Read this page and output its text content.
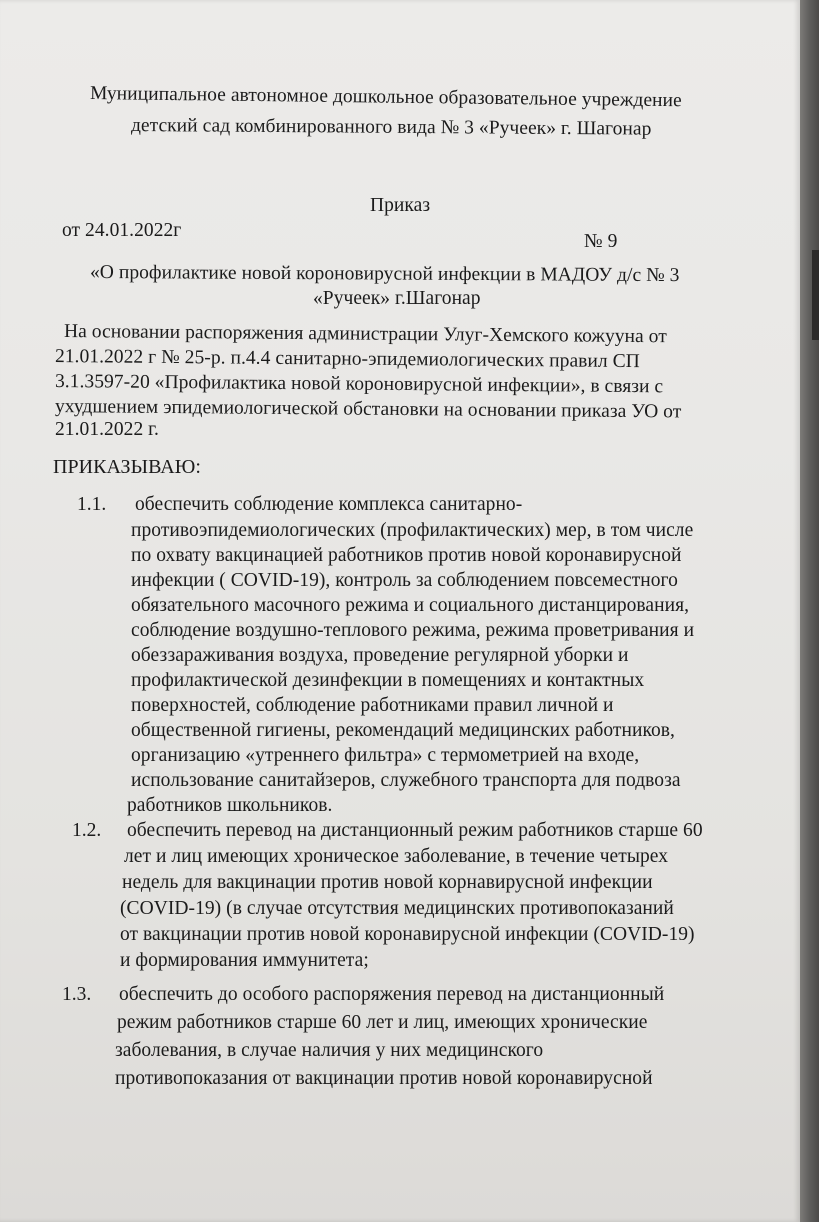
Муниципальное автономное дошкольное образовательное учреждение
детский сад комбинированного вида № 3 «Ручеек» г. Шагонар
Приказ
от 24.01.2022г
№ 9
«О профилактике новой короновирусной инфекции в МАДОУ д/с № 3
«Ручеек» г.Шагонар
На основании распоряжения администрации Улуг-Хемского кожууна от
21.01.2022 г № 25-р. п.4.4 санитарно-эпидемиологических правил СП
3.1.3597-20 «Профилактика новой короновирусной инфекции», в связи с
ухудшением эпидемиологической обстановки на основании приказа УО от
21.01.2022 г.
ПРИКАЗЫВАЮ:
1.1. обеспечить соблюдение комплекса санитарно-
противоэпидемиологических (профилактических) мер, в том числе
по охвату вакцинацией работников против новой коронавирусной
инфекции ( COVID-19), контроль за соблюдением повсеместного
обязательного масочного режима и социального дистанцирования,
соблюдение воздушно-теплового режима, режима проветривания и
обеззараживания воздуха, проведение регулярной уборки и
профилактической дезинфекции в помещениях и контактных
поверхностей, соблюдение работниками правил личной и
общественной гигиены, рекомендаций медицинских работников,
организацию «утреннего фильтра» с термометрией на входе,
использование санитайзеров, служебного транспорта для подвоза
работников школьников.
1.2. обеспечить перевод на дистанционный режим работников старше 60
лет и лиц имеющих хроническое заболевание, в течение четырех
недель для вакцинации против новой корнавирусной инфекции
(COVID-19) (в случае отсутствия медицинских противопоказаний
от вакцинации против новой коронавирусной инфекции (COVID-19)
и формирования иммунитета;
1.3. обеспечить до особого распоряжения перевод на дистанционный
режим работников старше 60 лет и лиц, имеющих хронические
заболевания, в случае наличия у них медицинского
противопоказания от вакцинации против новой коронавирусной
